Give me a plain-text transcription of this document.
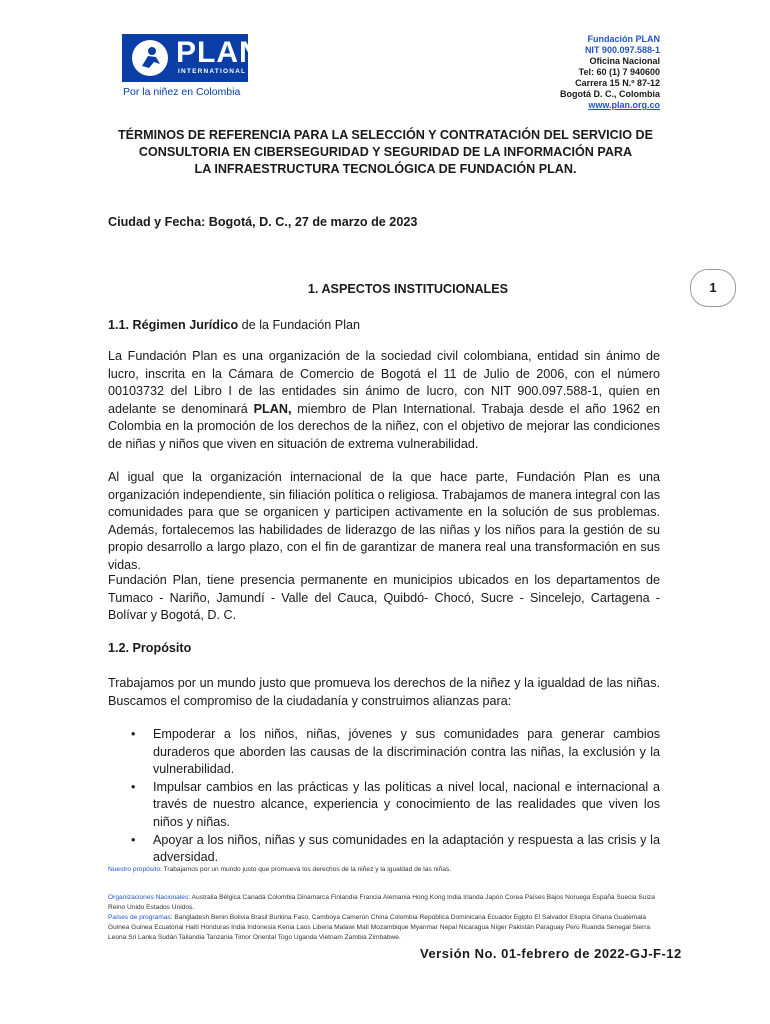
PLAN
INTERNATIONAL
Por la niñez en Colombia
Fundación PLAN
NIT 900.097.588-1
Oficina Nacional
Tel: 60 (1) 7 940600
Carrera 15 N.º 87-12
Bogotá D. C., Colombia
www.plan.org.co
TÉRMINOS DE REFERENCIA PARA LA SELECCIÓN Y CONTRATACIÓN DEL SERVICIO DE
CONSULTORIA EN CIBERSEGURIDAD Y SEGURIDAD DE LA INFORMACIÓN PARA
LA INFRAESTRUCTURA TECNOLÓGICA DE FUNDACIÓN PLAN.
Ciudad y Fecha: Bogotá, D. C., 27 de marzo de 2023
1
1. ASPECTOS INSTITUCIONALES
1.1. Régimen Jurídico de la Fundación Plan
La Fundación Plan es una organización de la sociedad civil colombiana, entidad sin ánimo de lucro, inscrita en la Cámara de Comercio de Bogotá el 11 de Julio de 2006, con el número 00103732 del Libro I de las entidades sin ánimo de lucro, con NIT 900.097.588-1, quien en adelante se denominará PLAN, miembro de Plan International. Trabaja desde el año 1962 en Colombia en la promoción de los derechos de la niñez, con el objetivo de mejorar las condiciones de niñas y niños que viven en situación de extrema vulnerabilidad.
Al igual que la organización internacional de la que hace parte, Fundación Plan es una organización independiente, sin filiación política o religiosa. Trabajamos de manera integral con las comunidades para que se organicen y participen activamente en la solución de sus problemas. Además, fortalecemos las habilidades de liderazgo de las niñas y los niños para la gestión de su propio desarrollo a largo plazo, con el fin de garantizar de manera real una transformación en sus vidas.
Fundación Plan, tiene presencia permanente en municipios ubicados en los departamentos de Tumaco - Nariño, Jamundí - Valle del Cauca, Quibdó- Chocó, Sucre - Sincelejo, Cartagena - Bolívar y Bogotá, D. C.
1.2. Propósito
Trabajamos por un mundo justo que promueva los derechos de la niñez y la igualdad de las niñas. Buscamos el compromiso de la ciudadanía y construimos alianzas para:
• Empoderar a los niños, niñas, jóvenes y sus comunidades para generar cambios duraderos que aborden las causas de la discriminación contra las niñas, la exclusión y la vulnerabilidad.
• Impulsar cambios en las prácticas y las políticas a nivel local, nacional e internacional a través de nuestro alcance, experiencia y conocimiento de las realidades que viven los niños y niñas.
• Apoyar a los niños, niñas y sus comunidades en la adaptación y respuesta a las crisis y la adversidad.
Nuestro propósito: Trabajamos por un mundo justo que promueva los derechos de la niñez y la igualdad de las niñas.
Organizaciones Nacionales: Australia Bélgica Canadá Colombia Dinamarca Finlandia Francia Alemania Hong Kong India Irlanda Japón Corea Países Bajos Noruega España Suecia Suiza Reino Unido Estados Unidos.
Países de programas: Bangladesh Benin Bolivia Brasil Burkina Faso, Camboya Camerún China Colombia República Dominicana Ecuador Egipto El Salvador Etiopía Ghana Guatemala Guinea Guinea Ecuatorial Haití Honduras India Indonesia Kenia Laos Liberia Malawi Malí Mozambique Myanmar Nepal Nicaragua Níger Pakistán Paraguay Perú Ruanda Senegal Sierra Leona Sri Lanka Sudán Tailandia Tanzania Timor Oriental Togo Uganda Vietnam Zambia Zimbabwe.
Versión No. 01-febrero de 2022-GJ-F-12
